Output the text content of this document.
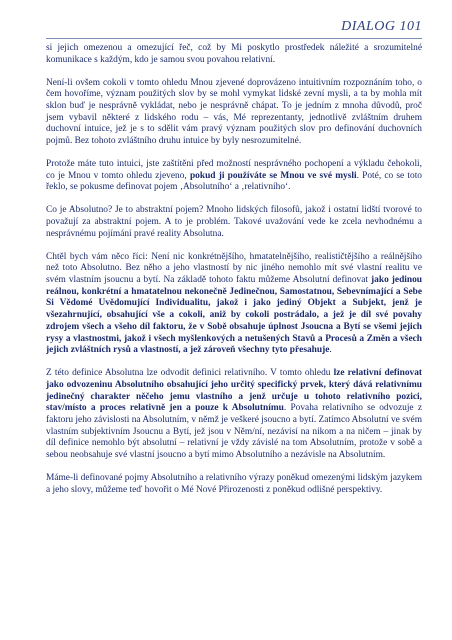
DIALOG 101

si jejich omezenou a omezující řeč, což by Mi poskytlo prostředek náležité a srozumitelné komunikace s každým, kdo je samou svou povahou relativní.

Není-li ovšem cokoli v tomto ohledu Mnou zjevené doprovázeno intuitivním rozpoznáním toho, o čem hovoříme, význam použitých slov by se mohl vymykat lidské zevní mysli, a ta by mohla mít sklon buď je nesprávně vykládat, nebo je nesprávně chápat. To je jedním z mnoha důvodů, proč jsem vybavil některé z lidského rodu – vás, Mé reprezentanty, jednotlivě zvláštním druhem duchovní intuice, jež je s to sdělit vám pravý význam použitých slov pro definování duchovních pojmů. Bez tohoto zvláštního druhu intuice by byly nesrozumitelné.

Protože máte tuto intuici, jste zaštítěni před možností nesprávného pochopení a výkladu čehokoli, co je Mnou v tomto ohledu zjeveno, pokud ji používáte se Mnou ve své mysli. Poté, co se toto řeklo, se pokusme definovat pojem ‚Absolutního‘ a ‚relativního‘.

Co je Absolutno? Je to abstraktní pojem? Mnoho lidských filosofů, jakož i ostatní lidští tvorové to považují za abstraktní pojem. A to je problém. Takové uvažování vede ke zcela nevhodnému a nesprávnému pojímání pravé reality Absolutna.

Chtěl bych vám něco říci: Není nic konkrétnějšího, hmatatelnějšího, realističtějšího a reálnějšího než toto Absolutno. Bez něho a jeho vlastností by nic jiného nemohlo mít své vlastní realitu ve svém vlastním jsoucnu a bytí. Na základě tohoto faktu můžeme Absolutní definovat jako jedinou reálnou, konkrétní a hmatatelnou nekonečně Jedinečnou, Samostatnou, Sebevnímající a Sebe Si Vědomé Uvědomující Individualitu, jakož i jako jediný Objekt a Subjekt, jenž je všezahrnující, obsahující vše a cokoli, aniž by cokoli postrádalo, a jež je díl své povahy zdrojem všech a všeho díl faktoru, že v Sobě obsahuje úplnost Jsoucna a Bytí se všemi jejich rysy a vlastnostmi, jakož i všech myšlenkových a netušených Stavů a Procesů a Změn a všech jejich zvláštních rysů a vlastností, a jež zároveň všechny tyto přesahuje.

Z této definice Absolutna lze odvodit definici relativního. V tomto ohledu lze relativní definovat jako odvozeninu Absolutního obsahující jeho určitý specifický prvek, který dává relativnímu jedinečný charakter něčeho jemu vlastního a jenž určuje u tohoto relativního pozici, stav/místo a proces relativně jen a pouze k Absolutnímu. Povaha relativního se odvozuje z faktoru jeho závislosti na Absolutním, v němž je veškeré jsoucno a bytí. Zatímco Absolutní ve svém vlastním subjektivním Jsoucnu a Bytí, jež jsou v Něm/ní, nezávisí na nikom a na ničem – jinak by díl definice nemohlo být absolutní – relativní je vždy závislé na tom Absolutním, protože v sobě a sebou neobsahuje své vlastní jsoucno a bytí mimo Absolutního a nezávisle na Absolutním.

Máme-li definované pojmy Absolutního a relativního výrazy poněkud omezenými lidským jazykem a jeho slovy, můžeme teď hovořit o Mé Nové Přirozenosti z poněkud odlišné perspektivy.
